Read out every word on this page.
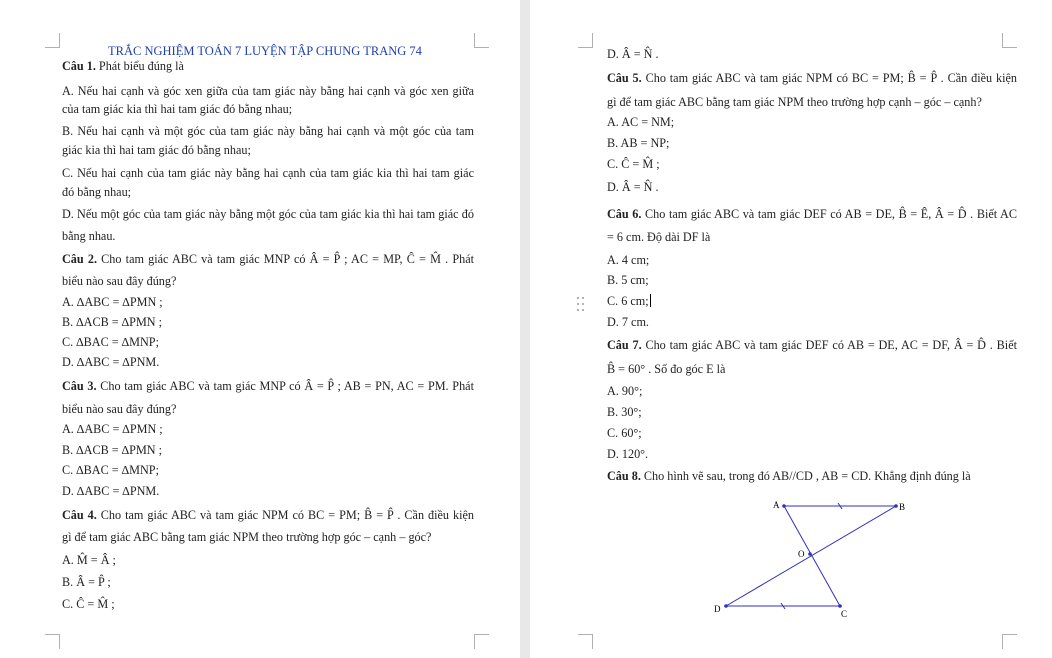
TRẮC NGHIỆM TOÁN 7 LUYỆN TẬP CHUNG TRANG 74
Câu 1. Phát biểu đúng là
A. Nếu hai cạnh và góc xen giữa của tam giác này bằng hai cạnh và góc xen giữa
của tam giác kia thì hai tam giác đó bằng nhau;
B. Nếu hai cạnh và một góc của tam giác này bằng hai cạnh và một góc của tam
giác kia thì hai tam giác đó bằng nhau;
C. Nếu hai cạnh của tam giác này bằng hai cạnh của tam giác kia thì hai tam giác
đó bằng nhau;
D. Nếu một góc của tam giác này bằng một góc của tam giác kia thì hai tam giác đó
bằng nhau.
Câu 2. Cho tam giác ABC và tam giác MNP có Â = P̂ ; AC = MP, Ĉ = M̂ . Phát
biểu nào sau đây đúng?
A. ∆ABC = ∆PMN ;
B. ∆ACB = ∆PMN ;
C. ∆BAC = ∆MNP;
D. ∆ABC = ∆PNM.
Câu 3. Cho tam giác ABC và tam giác MNP có Â = P̂ ; AB = PN, AC = PM. Phát
biểu nào sau đây đúng?
A. ∆ABC = ∆PMN ;
B. ∆ACB = ∆PMN ;
C. ∆BAC = ∆MNP;
D. ∆ABC = ∆PNM.
Câu 4. Cho tam giác ABC và tam giác NPM có BC = PM; B̂ = P̂ . Cần điều kiện
gì để tam giác ABC bằng tam giác NPM theo trường hợp góc – cạnh – góc?
A. M̂ = Â ;
B. Â = P̂ ;
C. Ĉ = M̂ ;
D. Â = N̂ .
Câu 5. Cho tam giác ABC và tam giác NPM có BC = PM; B̂ = P̂ . Cần điều kiện
gì để tam giác ABC bằng tam giác NPM theo trường hợp cạnh – góc – cạnh?
A. AC = NM;
B. AB = NP;
C. Ĉ = M̂ ;
D. Â = N̂ .
Câu 6. Cho tam giác ABC và tam giác DEF có AB = DE, B̂ = Ê, Â = D̂ . Biết AC
= 6 cm. Độ dài DF là
A. 4 cm;
B. 5 cm;
C. 6 cm;
D. 7 cm.
Câu 7. Cho tam giác ABC và tam giác DEF có AB = DE, AC = DF, Â = D̂ . Biết
B̂ = 60° . Số đo góc E là
A. 90°;
B. 30°;
C. 60°;
D. 120°.
Câu 8. Cho hình vẽ sau, trong đó AB//CD , AB = CD. Khẳng định đúng là
A	B
O
C
D
